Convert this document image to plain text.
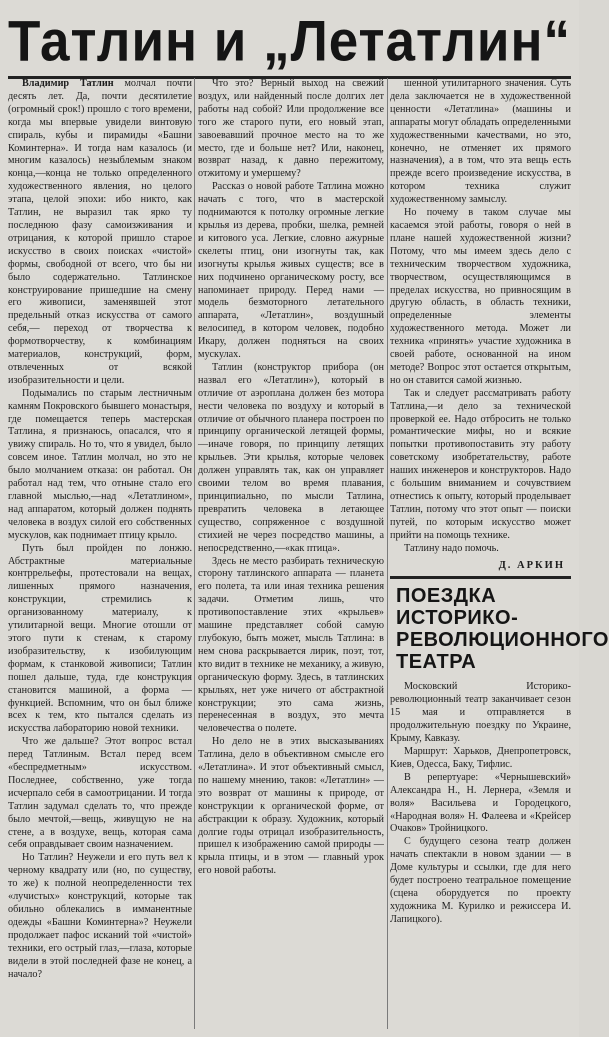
Татлин и „Летатлин“

Владимир Татлин молчал почти десять лет. Да, почти десятилетие (огромный срок!) прошло с того времени, когда мы впервые увидели винтовую спираль, кубы и пирамиды «Башни Коминтерна». И тогда нам казалось (и многим казалось) незыблемым знаком конца,—конца не только определенного художественного явления, но целого этапа, целой эпохи: ибо никто, как Татлин, не выразил так ярко ту последнюю фазу самоизживания и отрицания, к которой пришло старое искусство в своих поисках «чистой» формы, свободной от всего, что бы ни было содержательно. Татлинское конструирование пришедшие на смену его живописи, заменявшей этот предельный отказ искусства от самого себя,— переход от творчества к формотворчеству, к комбинациям материалов, конструкций, форм, отвлеченных от всякой изобразительности и цели.

Подымались по старым лестничным камням Покровского бывшего монастыря, где помещается теперь мастерская Татлина, я признаюсь, опасался, что я увижу спираль. Но то, что я увидел, было совсем иное. Татлин молчал, но это не было молчанием отказа: он работал. Он работал над тем, что отныне стало его главной мыслью,—над «Летатлином», над аппаратом, который должен поднять человека в воздух силой его собственных мускулов, как поднимает птицу крыло.

Путь был пройден по лонжю. Абстрактные материальные контррельефы, протестовали на вещах, лишенных прямого назначения, конструкции, стремились к организованному материалу, к утилитарной вещи. Многие отошли от этого пути к стенам, к старому изобразительству, к изобилующим формам, к станковой живописи; Татлин пошел дальше, туда, где конструкция становится машиной, а форма — функцией. Вспомним, что он был ближе всех к тем, кто пытался сделать из искусства лабораторию новой техники.

Что же дальше? Этот вопрос встал перед Татлиным. Встал перед всем «беспредметным» искусством. Последнее, собственно, уже тогда исчерпало себя в самоотрицании. И тогда Татлин задумал сделать то, что прежде было мечтой,—вещь, живущую не на стене, а в воздухе, вещь, которая сама себя оправдывает своим назначением.

Но Татлин? Неужели и его путь вел к черному квадрату или (но, по существу, то же) к полной неопределенности тех «лучистых» конструкций, которые так обильно облекались в имманентные одежды «Башни Коминтерна»? Неужели продолжает пафос исканий той «чистой» техники, его острый глаз,—глаза, которые видели в этой последней фазе не конец, а начало?

Что это? Верный выход на свежий воздух, или найденный после долгих лет работы над собой? Или продолжение все того же старого пути, его новый этап, завоевавший прочное место на то же место, где и больше нет? Или, наконец, возврат назад, к давно пережитому, отжитому и умершему?

Рассказ о новой работе Татлина можно начать с того, что в мастерской поднимаются к потолку огромные легкие крылья из дерева, пробки, шелка, ремней и китового уса. Легкие, словно ажурные скелеты птиц, они изогнуты так, как изогнуты крылья живых существ; все в них подчинено органическому росту, все напоминает природу. Перед нами — модель безмоторного летательного аппарата, «Летатлин», воздушный велосипед, в котором человек, подобно Икару, должен подняться на своих мускулах.

Татлин (конструктор прибора (он назвал его «Летатлин»), который в отличие от аэроплана должен без мотора нести человека по воздуху и который в отличие от обычного планера построен по принципу органической летящей формы,—иначе говоря, по принципу летящих крыльев. Эти крылья, которые человек должен управлять так, как он управляет своими телом во время плавания, принципиально, по мысли Татлина, превратить человека в летающее существо, сопряженное с воздушной стихией не через посредство машины, а непосредственно,—«как птица».

Здесь не место разбирать техническую сторону татлинского аппарата — планета его полета, та или иная техника решения задачи. Отметим лишь, что противопоставление этих «крыльев» машине представляет собой самую глубокую, быть может, мысль Татлина: в нем снова раскрывается лирик, поэт, тот, кто видит в технике не механику, а живую, органическую форму. Здесь, в татлинских крыльях, нет уже ничего от абстрактной конструкции; это сама жизнь, перенесенная в воздух, это мечта человечества о полете.

Но дело не в этих высказываниях Татлина, дело в объективном смысле его «Летатлина». И этот объективный смысл, по нашему мнению, таков: «Летатлин» — это возврат от машины к природе, от конструкции к органической форме, от абстракции к образу. Художник, который долгие годы отрицал изобразительность, пришел к изображению самой природы — крыла птицы, и в этом — главный урок его новой работы.

шенной утилитарного значения. Суть дела заключается не в художественной ценности «Летатлина» (машины и аппараты могут обладать определенными художественными качествами, но это, конечно, не отменяет их прямого назначения), а в том, что эта вещь есть прежде всего произведение искусства, в котором техника служит художественному замыслу.

Но почему в таком случае мы касаемся этой работы, говоря о ней в плане нашей художественной жизни? Потому, что мы имеем здесь дело с техническим творчеством художника, творчеством, осуществляющимся в пределах искусства, но привносящим в другую область, в область техники, определенные элементы художественного метода. Может ли техника «принять» участие художника в своей работе, основанной на ином методе? Вопрос этот остается открытым, но он ставится самой жизнью.

Так и следует рассматривать работу Татлина,—и дело за технической проверкой ее. Надо отбросить не только романтические мифы, но и всякие попытки противопоставить эту работу советскому изобретательству, работе наших инженеров и конструкторов. Надо с большим вниманием и сочувствием отнестись к опыту, который проделывает Татлин, потому что этот опыт — поиски путей, по которым искусство может прийти на помощь технике.

Татлину надо помочь.

Д. АРКИН
ПОЕЗДКА ИСТОРИКО-РЕВОЛЮЦИОННОГО ТЕАТРА

Московский Историко-революционный театр заканчивает сезон 15 мая и отправляется в продолжительную поездку по Украине, Крыму, Кавказу.

Маршрут: Харьков, Днепропетровск, Киев, Одесса, Баку, Тифлис.

В репертуаре: «Чернышевский» Александра Н., Н. Лернера, «Земля и воля» Васильева и Городецкого, «Народная воля» Н. Фалеева и «Крейсер Очаков» Тройницкого.

С будущего сезона театр должен начать спектакли в новом здании — в Доме культуры и ссылки, где для него будет построено театральное помещение (сцена оборудуется по проекту художника М. Курилко и режиссера И. Лапицкого).
